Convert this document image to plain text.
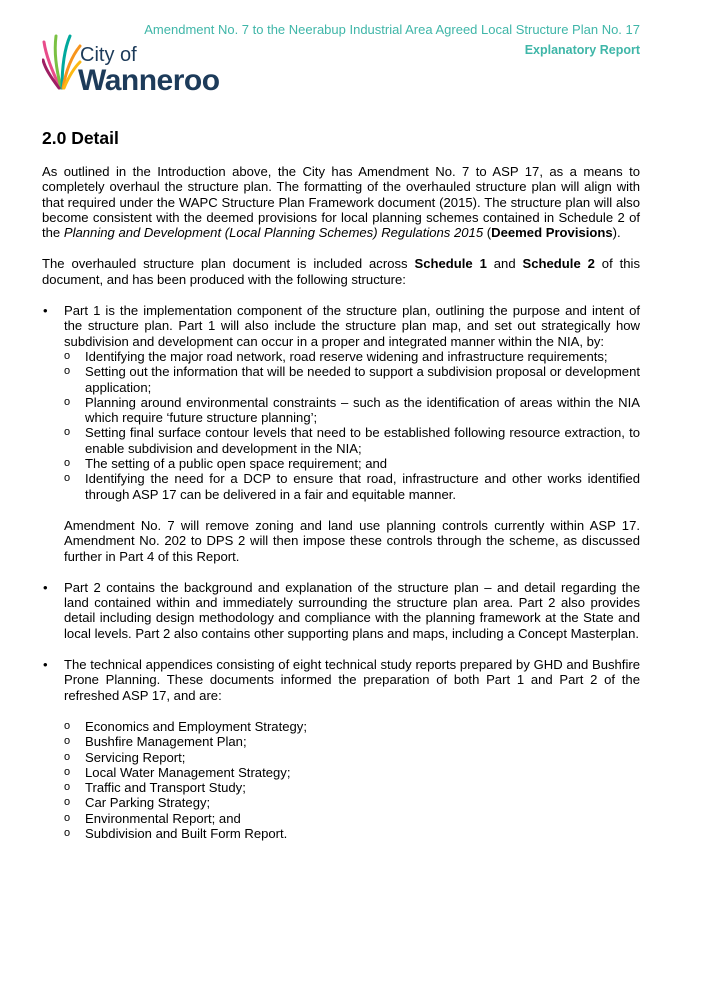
Amendment No. 7 to the Neerabup Industrial Area Agreed Local Structure Plan No. 17
Explanatory Report
City of
Wanneroo
2.0 Detail

As outlined in the Introduction above, the City has Amendment No. 7 to ASP 17, as a means to completely overhaul the structure plan. The formatting of the overhauled structure plan will align with that required under the WAPC Structure Plan Framework document (2015). The structure plan will also become consistent with the deemed provisions for local planning schemes contained in Schedule 2 of the Planning and Development (Local Planning Schemes) Regulations 2015 (Deemed Provisions).

The overhauled structure plan document is included across Schedule 1 and Schedule 2 of this document, and has been produced with the following structure:

• Part 1 is the implementation component of the structure plan, outlining the purpose and intent of the structure plan. Part 1 will also include the structure plan map, and set out strategically how subdivision and development can occur in a proper and integrated manner within the NIA, by:
o Identifying the major road network, road reserve widening and infrastructure requirements;
o Setting out the information that will be needed to support a subdivision proposal or development application;
o Planning around environmental constraints – such as the identification of areas within the NIA which require ‘future structure planning’;
o Setting final surface contour levels that need to be established following resource extraction, to enable subdivision and development in the NIA;
o The setting of a public open space requirement; and
o Identifying the need for a DCP to ensure that road, infrastructure and other works identified through ASP 17 can be delivered in a fair and equitable manner.
Amendment No. 7 will remove zoning and land use planning controls currently within ASP 17. Amendment No. 202 to DPS 2 will then impose these controls through the scheme, as discussed further in Part 4 of this Report.
• Part 2 contains the background and explanation of the structure plan – and detail regarding the land contained within and immediately surrounding the structure plan area. Part 2 also provides detail including design methodology and compliance with the planning framework at the State and local levels. Part 2 also contains other supporting plans and maps, including a Concept Masterplan.
• The technical appendices consisting of eight technical study reports prepared by GHD and Bushfire Prone Planning. These documents informed the preparation of both Part 1 and Part 2 of the refreshed ASP 17, and are:
o Economics and Employment Strategy;
o Bushfire Management Plan;
o Servicing Report;
o Local Water Management Strategy;
o Traffic and Transport Study;
o Car Parking Strategy;
o Environmental Report; and
o Subdivision and Built Form Report.
